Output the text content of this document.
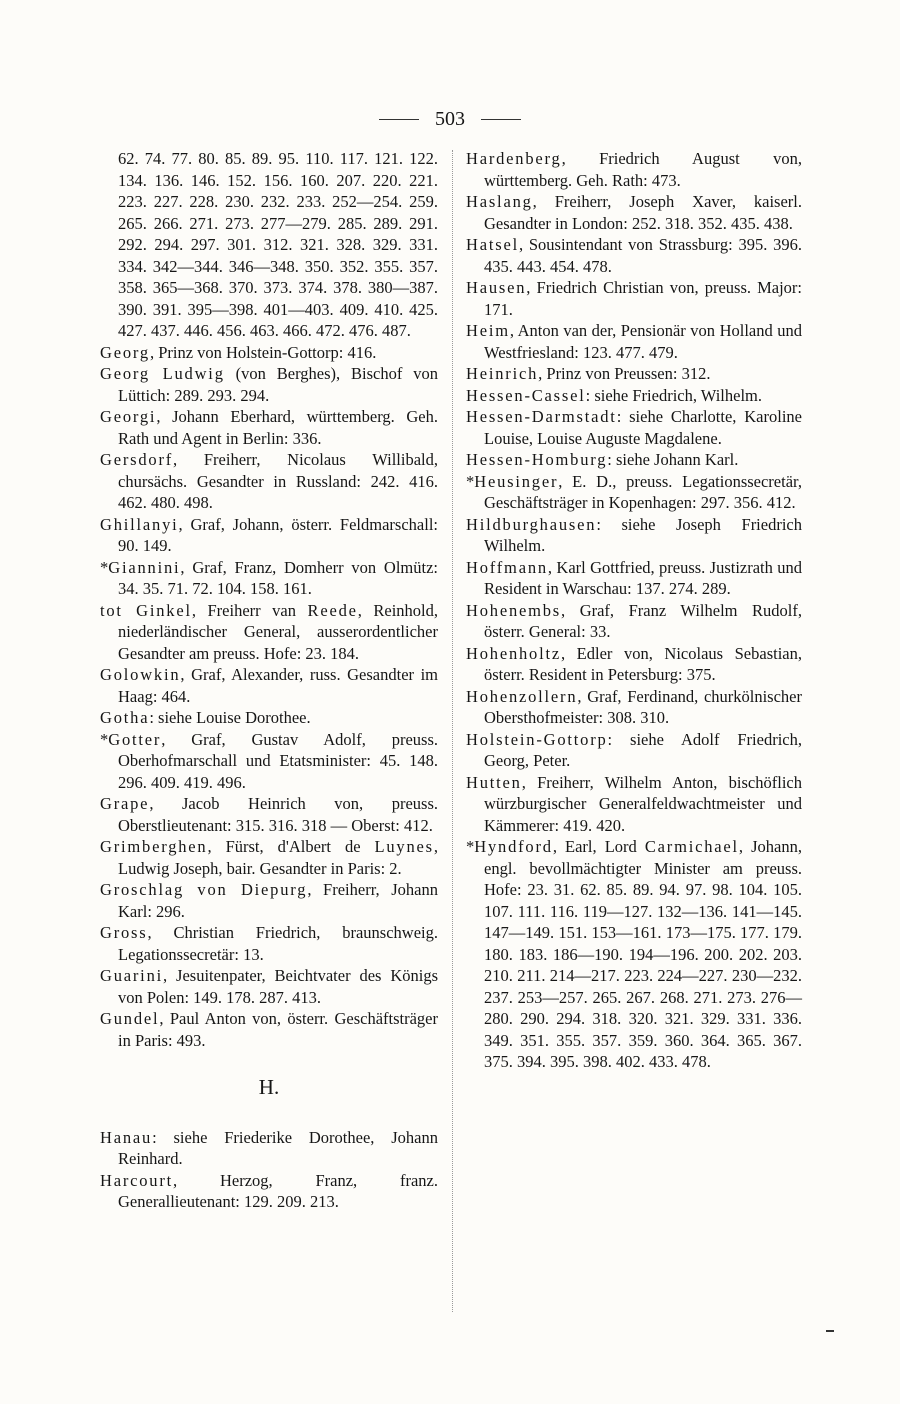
503

62. 74. 77. 80. 85. 89. 95. 110. 117. 121. 122. 134. 136. 146. 152. 156. 160. 207. 220. 221. 223. 227. 228. 230. 232. 233. 252—254. 259. 265. 266. 271. 273. 277—279. 285. 289. 291. 292. 294. 297. 301. 312. 321. 328. 329. 331. 334. 342—344. 346—348. 350. 352. 355. 357. 358. 365—368. 370. 373. 374. 378. 380—387. 390. 391. 395—398. 401—403. 409. 410. 425. 427. 437. 446. 456. 463. 466. 472. 476. 487.

Georg, Prinz von Holstein-Gottorp: 416.

Georg Ludwig (von Berghes), Bischof von Lüttich: 289. 293. 294.

Georgi, Johann Eberhard, württemberg. Geh. Rath und Agent in Berlin: 336.

Gersdorf, Freiherr, Nicolaus Willibald, chursächs. Gesandter in Russland: 242. 416. 462. 480. 498.

Ghillanyi, Graf, Johann, österr. Feldmarschall: 90. 149.

*Giannini, Graf, Franz, Domherr von Olmütz: 34. 35. 71. 72. 104. 158. 161.

tot Ginkel, Freiherr van Reede, Reinhold, niederländischer General, ausserordentlicher Gesandter am preuss. Hofe: 23. 184.

Golowkin, Graf, Alexander, russ. Gesandter im Haag: 464.

Gotha: siehe Louise Dorothee.

*Gotter, Graf, Gustav Adolf, preuss. Oberhofmarschall und Etatsminister: 45. 148. 296. 409. 419. 496.

Grape, Jacob Heinrich von, preuss. Oberstlieutenant: 315. 316. 318 — Oberst: 412.

Grimberghen, Fürst, d'Albert de Luynes, Ludwig Joseph, bair. Gesandter in Paris: 2.

Groschlag von Diepurg, Freiherr, Johann Karl: 296.

Gross, Christian Friedrich, braunschweig. Legationssecretär: 13.

Guarini, Jesuitenpater, Beichtvater des Königs von Polen: 149. 178. 287. 413.

Gundel, Paul Anton von, österr. Geschäftsträger in Paris: 493.

H.

Hanau: siehe Friederike Dorothee, Johann Reinhard.

Harcourt, Herzog, Franz, franz. Generallieutenant: 129. 209. 213.

Hardenberg, Friedrich August von, württemberg. Geh. Rath: 473.

Haslang, Freiherr, Joseph Xaver, kaiserl. Gesandter in London: 252. 318. 352. 435. 438.

Hatsel, Sousintendant von Strassburg: 395. 396. 435. 443. 454. 478.

Hausen, Friedrich Christian von, preuss. Major: 171.

Heim, Anton van der, Pensionär von Holland und Westfriesland: 123. 477. 479.

Heinrich, Prinz von Preussen: 312.

Hessen-Cassel: siehe Friedrich, Wilhelm.

Hessen-Darmstadt: siehe Charlotte, Karoline Louise, Louise Auguste Magdalene.

Hessen-Homburg: siehe Johann Karl.

*Heusinger, E. D., preuss. Legationssecretär, Geschäftsträger in Kopenhagen: 297. 356. 412.

Hildburghausen: siehe Joseph Friedrich Wilhelm.

Hoffmann, Karl Gottfried, preuss. Justizrath und Resident in Warschau: 137. 274. 289.

Hohenembs, Graf, Franz Wilhelm Rudolf, österr. General: 33.

Hohenholtz, Edler von, Nicolaus Sebastian, österr. Resident in Petersburg: 375.

Hohenzollern, Graf, Ferdinand, churkölnischer Obersthofmeister: 308. 310.

Holstein-Gottorp: siehe Adolf Friedrich, Georg, Peter.

Hutten, Freiherr, Wilhelm Anton, bischöflich würzburgischer Generalfeldwachtmeister und Kämmerer: 419. 420.

*Hyndford, Earl, Lord Carmichael, Johann, engl. bevollmächtigter Minister am preuss. Hofe: 23. 31. 62. 85. 89. 94. 97. 98. 104. 105. 107. 111. 116. 119—127. 132—136. 141—145. 147—149. 151. 153—161. 173—175. 177. 179. 180. 183. 186—190. 194—196. 200. 202. 203. 210. 211. 214—217. 223. 224—227. 230—232. 237. 253—257. 265. 267. 268. 271. 273. 276—280. 290. 294. 318. 320. 321. 329. 331. 336. 349. 351. 355. 357. 359. 360. 364. 365. 367. 375. 394. 395. 398. 402. 433. 478.
